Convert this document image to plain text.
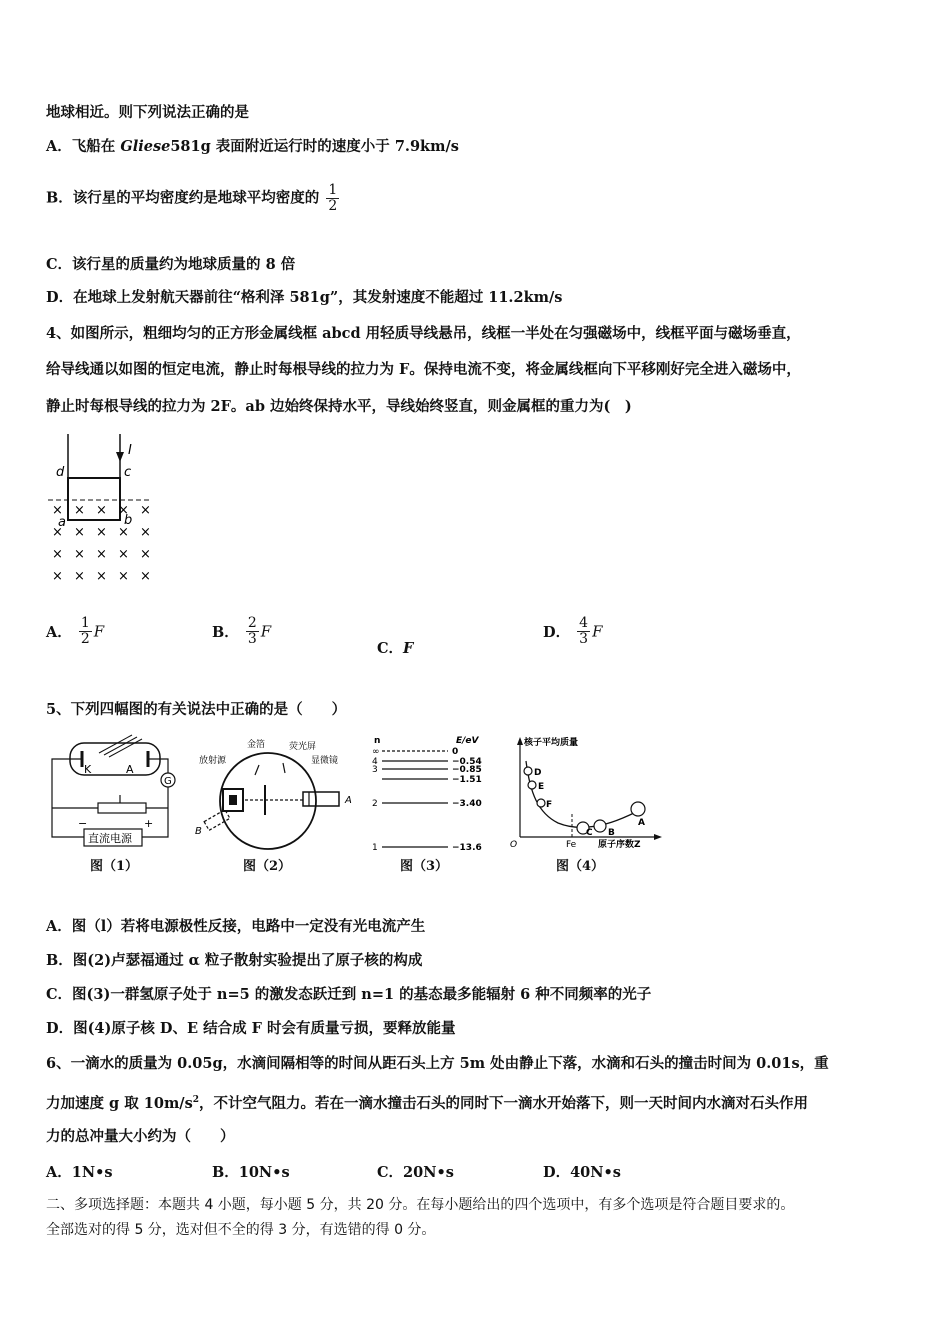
地球相近。则下列说法正确的是
A．飞船在 Gliese581g 表面附近运行时的速度小于 7.9km/s
B．该行星的平均密度约是地球平均密度的 $\frac{1}{2}$
C．该行星的质量约为地球质量的 8 倍
D．在地球上发射航天器前往“格利泽 581g”，其发射速度不能超过 11.2km/s
4、如图所示，粗细均匀的正方形金属线框 abcd 用轻质导线悬吊，线框一半处在匀强磁场中，线框平面与磁场垂直，
给导线通以如图的恒定电流，静止时每根导线的拉力为 F。保持电流不变，将金属线框向下平移刚好完全进入磁场中，
静止时每根导线的拉力为 2F。ab 边始终保持水平，导线始终竖直，则金属框的重力为(　)
I
d	c
a	b
× × × × ×
× × × × ×
× × × × ×
× × × × ×
A． $\frac{1}{2}$ F	B． $\frac{2}{3}$ F
C．F
D． $\frac{4}{3}$ F
5、下列四幅图的有关说法中正确的是（　　）
K	A
G
直流电源
−	+
图（1）
金箔	荧光屏
放射源	显微镜
A
B
图（2）
n	E/eV
∞	0
4	−0.54
3	−0.85
−1.51
2	−3.40
1	−13.6
图（3）
核子平均质量
O	Fe 原子序数Z
D
E
F
C B
A
图（4）
A．图（l）若将电源极性反接，电路中一定没有光电流产生
B．图(2)卢瑟福通过 α 粒子散射实验提出了原子核的构成
C．图(3)一群氢原子处于 n=5 的激发态跃迁到 n=1 的基态最多能辐射 6 种不同频率的光子
D．图(4)原子核 D、E 结合成 F 时会有质量亏损，要释放能量
6、一滴水的质量为 0.05g，水滴间隔相等的时间从距石头上方 5m 处由静止下落，水滴和石头的撞击时间为 0.01s，重
力加速度 g 取 $10m/s^2$，不计空气阻力。若在一滴水撞击石头的同时下一滴水开始落下，则一天时间内水滴对石头作用
力的总冲量大小约为（　　）
A．1N•s	B．10N•s	C．20N•s	D．40N•s
二、多项选择题：本题共 4 小题，每小题 5 分，共 20 分。在每小题给出的四个选项中，有多个选项是符合题目要求的。
全部选对的得 5 分，选对但不全的得 3 分，有选错的得 0 分。
